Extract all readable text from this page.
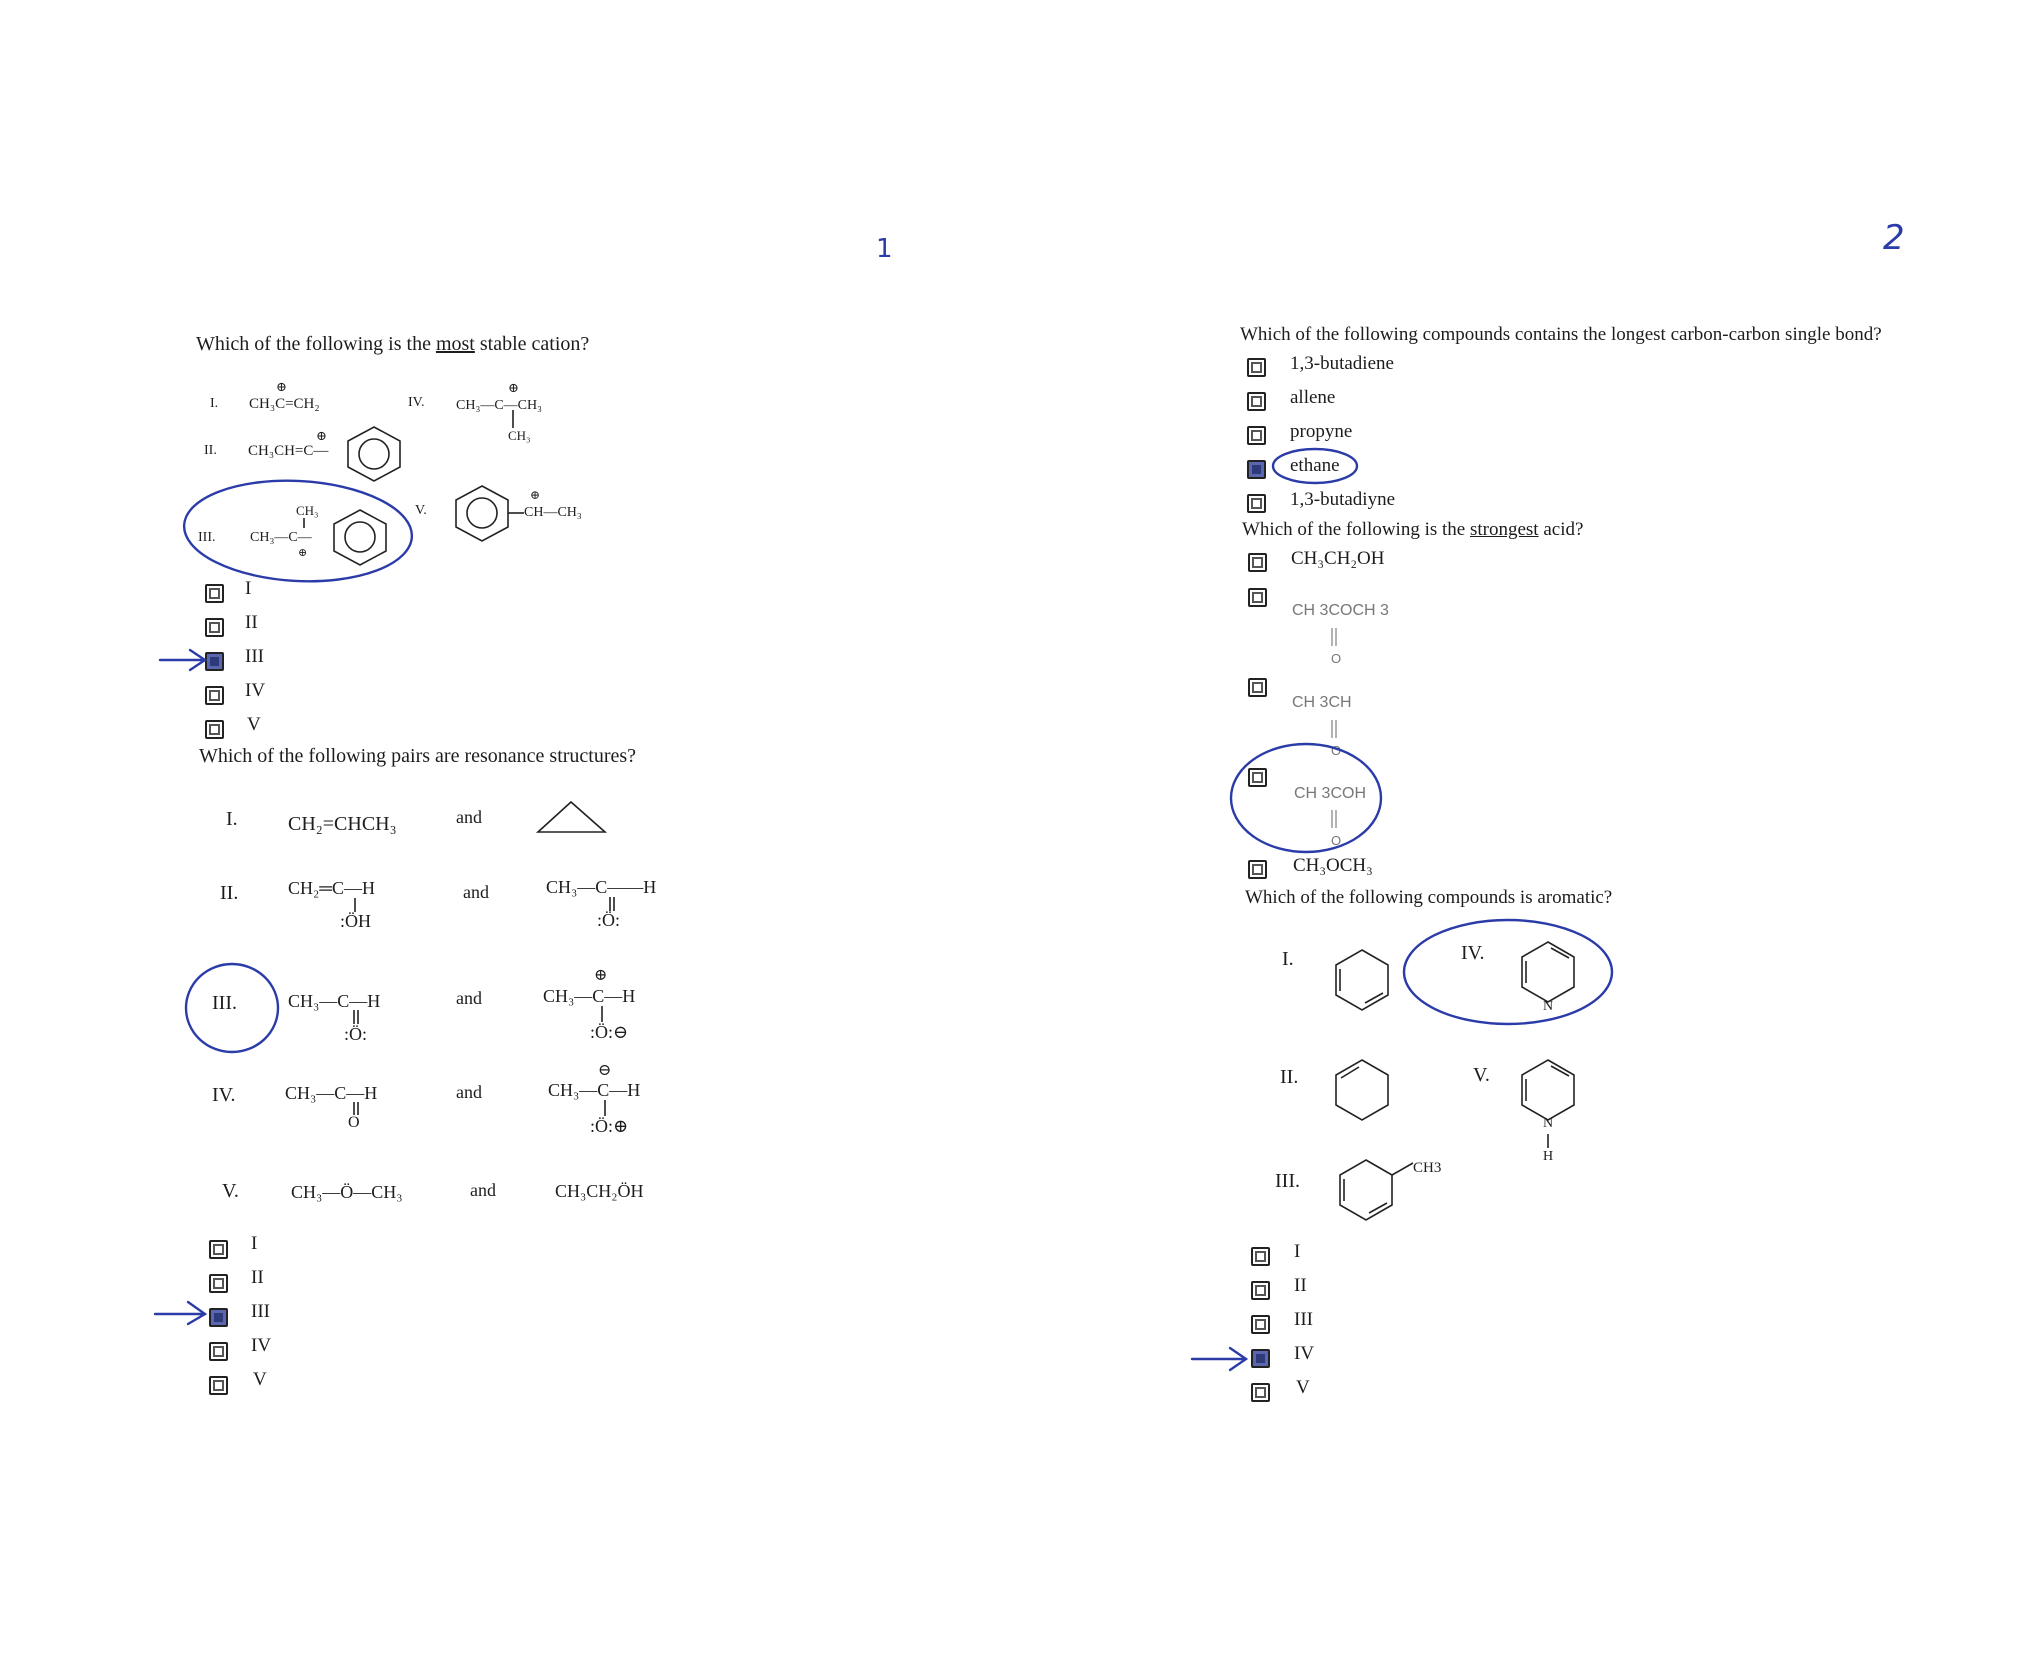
1	2
Which of the following is the most stable cation?
I. CH₃C=CH₂
⊕
IV. CH₃—C—CH₃
⊕
CH₃
II. CH₃CH=C—
⊕
III. CH₃—C—
CH₃
⊕
V.	CH—CH₃
⊕
I
II
III
IV
V
Which of the following pairs are resonance structures?
I.	CH₂=CHCH₃	and
II.	CH₂═C—H
:ÖH
and	CH₃—C——H
:Ö:
III.	CH₃—C—H
:Ö:
and	CH₃—C—H
⊕
:Ö:⊖
IV.	CH₃—C—H
O
and	CH₃—C—H
⊖
:Ö:⊕
V.	CH₃—Ö—CH₃	and	CH₃CH₂ÖH
I
II
III
IV
V
Which of the following compounds contains the longest carbon-carbon single bond?
1,3-butadiene
allene
propyne
ethane
1,3-butadiyne
Which of the following is the strongest acid?
CH₃CH₂OH
CH 3COCH 3
O
CH 3CH
O
CH 3COH
O
CH₃OCH₃
Which of the following compounds is aromatic?
I.
II.
III.
IV.
V.
CH3
N
N
H
I
II
III
IV
V
